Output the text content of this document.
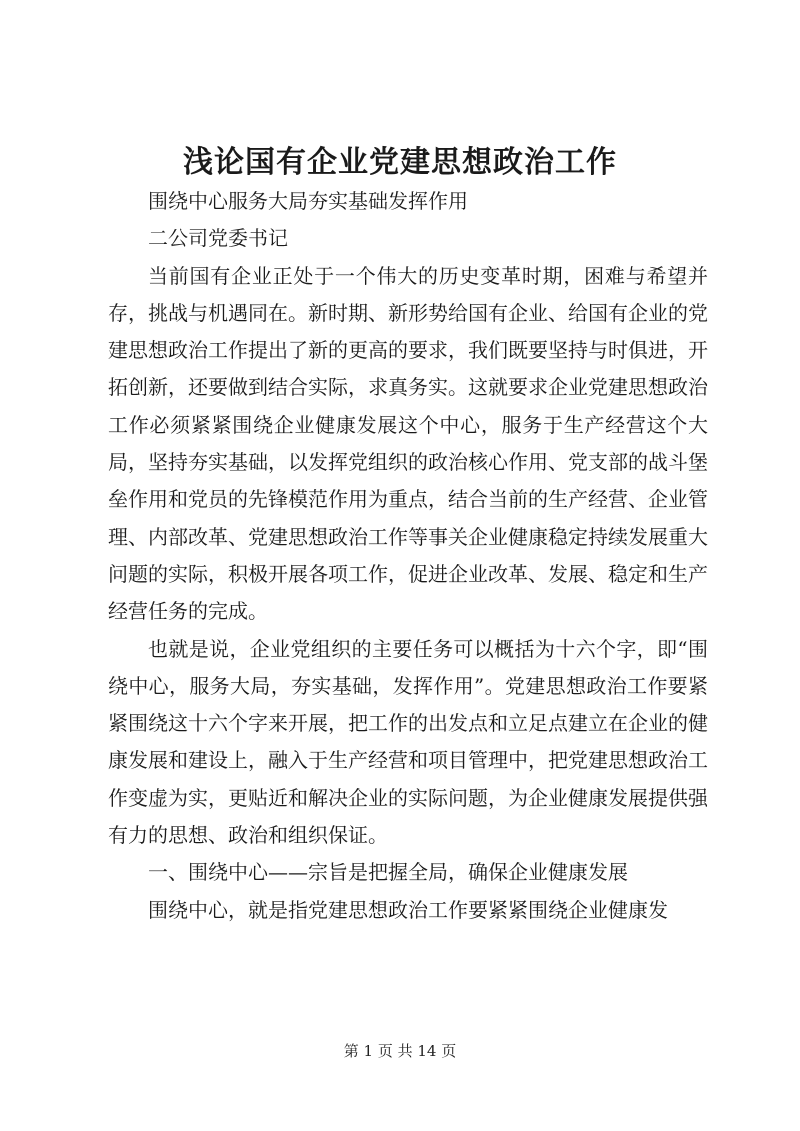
浅论国有企业党建思想政治工作

围绕中心服务大局夯实基础发挥作用

二公司党委书记

当前国有企业正处于一个伟大的历史变革时期，困难与希望并存，挑战与机遇同在。新时期、新形势给国有企业、给国有企业的党建思想政治工作提出了新的更高的要求，我们既要坚持与时俱进，开拓创新，还要做到结合实际，求真务实。这就要求企业党建思想政治工作必须紧紧围绕企业健康发展这个中心，服务于生产经营这个大局，坚持夯实基础，以发挥党组织的政治核心作用、党支部的战斗堡垒作用和党员的先锋模范作用为重点，结合当前的生产经营、企业管理、内部改革、党建思想政治工作等事关企业健康稳定持续发展重大问题的实际，积极开展各项工作，促进企业改革、发展、稳定和生产经营任务的完成。

也就是说，企业党组织的主要任务可以概括为十六个字，即“围绕中心，服务大局，夯实基础，发挥作用”。党建思想政治工作要紧紧围绕这十六个字来开展，把工作的出发点和立足点建立在企业的健康发展和建设上，融入于生产经营和项目管理中，把党建思想政治工作变虚为实，更贴近和解决企业的实际问题，为企业健康发展提供强有力的思想、政治和组织保证。

一、围绕中心——宗旨是把握全局，确保企业健康发展

围绕中心，就是指党建思想政治工作要紧紧围绕企业健康发

第 1 页 共 14 页
